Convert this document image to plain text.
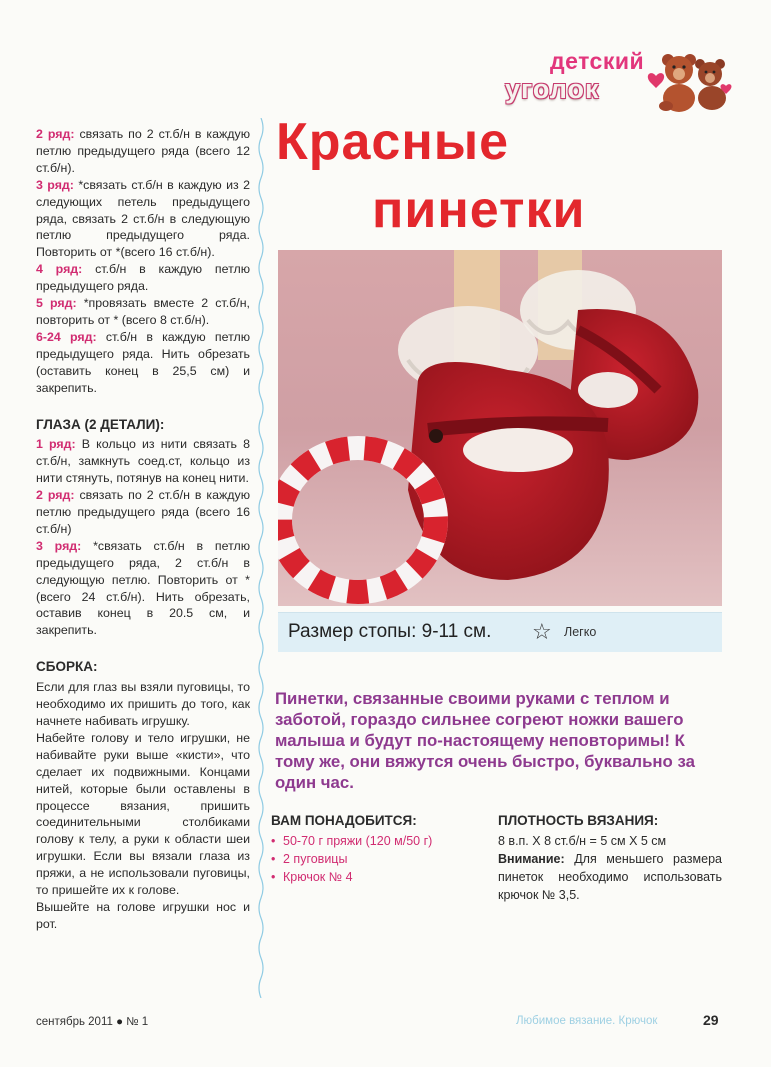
2 ряд: связать по 2 ст.б/н в каждую петлю предыдущего ряда (всего 12 ст.б/н).

3 ряд: *связать ст.б/н в каждую из 2 следующих петель предыдущего ряда, связать 2 ст.б/н в следующую петлю предыдущего ряда. Повторить от *(всего 16 ст.б/н).

4 ряд: ст.б/н в каждую петлю предыдущего ряда.

5 ряд: *провязать вместе 2 ст.б/н, повторить от * (всего 8 ст.б/н).

6-24 ряд: ст.б/н в каждую петлю предыдущего ряда. Нить обрезать (оставить конец в 25,5 см) и закрепить.

ГЛАЗА (2 ДЕТАЛИ):

1 ряд: В кольцо из нити связать 8 ст.б/н, замкнуть соед.ст, кольцо из нити стянуть, потянув на конец нити.

2 ряд: связать по 2 ст.б/н в каждую петлю предыдущего ряда (всего 16 ст.б/н)

3 ряд: *связать ст.б/н в петлю предыдущего ряда, 2 ст.б/н в следующую петлю. Повторить от * (всего 24 ст.б/н). Нить обрезать, оставив конец в 20.5 см, и закрепить.

СБОРКА:

Если для глаз вы взяли пуговицы, то необходимо их пришить до того, как начнете набивать игрушку.

Набейте голову и тело игрушки, не набивайте руки выше «кисти», что сделает их подвижными. Концами нитей, которые были оставлены в процессе вязания, пришить соединительными столбиками голову к телу, а руки к области шеи игрушки. Если вы вязали глаза из пряжи, а не использовали пуговицы, то пришейте их к голове.

Вышейте на голове игрушки нос и рот.

детский
уголок
Красные
пинетки
Размер стопы: 9-11 см. ☆ Легко

Пинетки, связанные своими руками с теплом и заботой, гораздо сильнее согреют ножки вашего малыша и будут по-настоящему неповторимы! К тому же, они вяжутся очень быстро, буквально за один час.

ВАМ ПОНАДОБИТСЯ:
• 50-70 г пряжи (120 м/50 г)
• 2 пуговицы
• Крючок № 4
ПЛОТНОСТЬ ВЯЗАНИЯ:

8 в.п. X 8 ст.б/н = 5 см X 5 см

Внимание: Для меньшего размера пинеток необходимо использовать крючок № 3,5.

сентябрь 2011 ● № 1	Любимое вязание. Крючок	29
